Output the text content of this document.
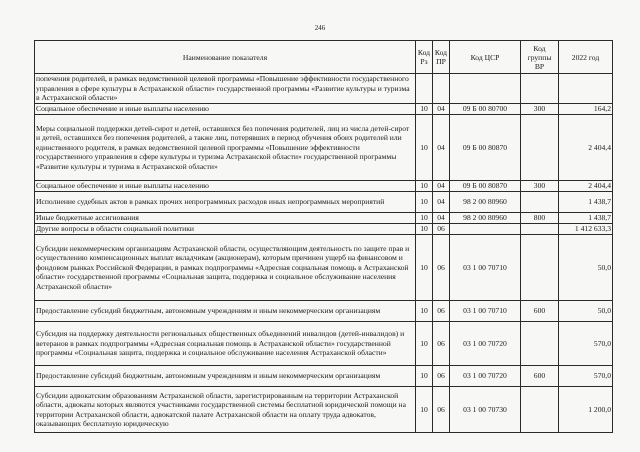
246
Наименование показателя	Код Рз	Код ПР	Код ЦСР	Код группы ВР	2022 год
попечения родителей, в рамках ведомственной целевой программы «Повышение эффективности государственного управления в сфере культуры в Астраханской области» государственной программы «Развитие культуры и туризма в Астраханской области»					
Социальное обеспечение и иные выплаты населению	10	04	09 Б 00 80700	300	164,2
Меры социальной поддержки детей-сирот и детей, оставшихся без попечения родителей, лиц из числа детей-сирот и детей, оставшихся без попечения родителей, а также лиц, потерявших в период обучения обоих родителей или единственного родителя, в рамках ведомственной целевой программы «Повышение эффективности государственного управления в сфере культуры и туризма Астраханской области» государственной программы «Развитие культуры и туризма в Астраханской области»	10	04	09 Б 00 80870		2 404,4
Социальное обеспечение и иные выплаты населению	10	04	09 Б 00 80870	300	2 404,4
Исполнение судебных актов в рамках прочих непрограммных расходов иных непрограммных мероприятий	10	04	98 2 00 80960		1 438,7
Иные бюджетные ассигнования	10	04	98 2 00 80960	800	1 438,7
Другие вопросы в области социальной политики	10	06			1 412 633,3
Субсидии некоммерческим организациям Астраханской области, осуществляющим деятельность по защите прав и осуществлению компенсационных выплат вкладчикам (акционерам), которым причинен ущерб на финансовом и фондовом рынках Российской Федерации, в рамках подпрограммы «Адресная социальная помощь в Астраханской области» государственной программы «Социальная защита, поддержка и социальное обслуживание населения Астраханской области»	10	06	03 1 00 70710		50,0
Предоставление субсидий бюджетным, автономным учреждениям и иным некоммерческим организациям	10	06	03 1 00 70710	600	50,0
Субсидия на поддержку деятельности региональных общественных объединений инвалидов (детей-инвалидов) и ветеранов в рамках подпрограммы «Адресная социальная помощь в Астраханской области» государственной программы «Социальная защита, поддержка и социальное обслуживание населения Астраханской области»	10	06	03 1 00 70720		570,0
Предоставление субсидий бюджетным, автономным учреждениям и иным некоммерческим организациям	10	06	03 1 00 70720	600	570,0
Субсидии адвокатским образованиям Астраханской области, зарегистрированным на территории Астраханской области, адвокаты которых являются участниками государственной системы бесплатной юридической помощи на территории Астраханской области, адвокатской палате Астраханской области на оплату труда адвокатов, оказывающих бесплатную юридическую	10	06	03 1 00 70730		1 200,0
